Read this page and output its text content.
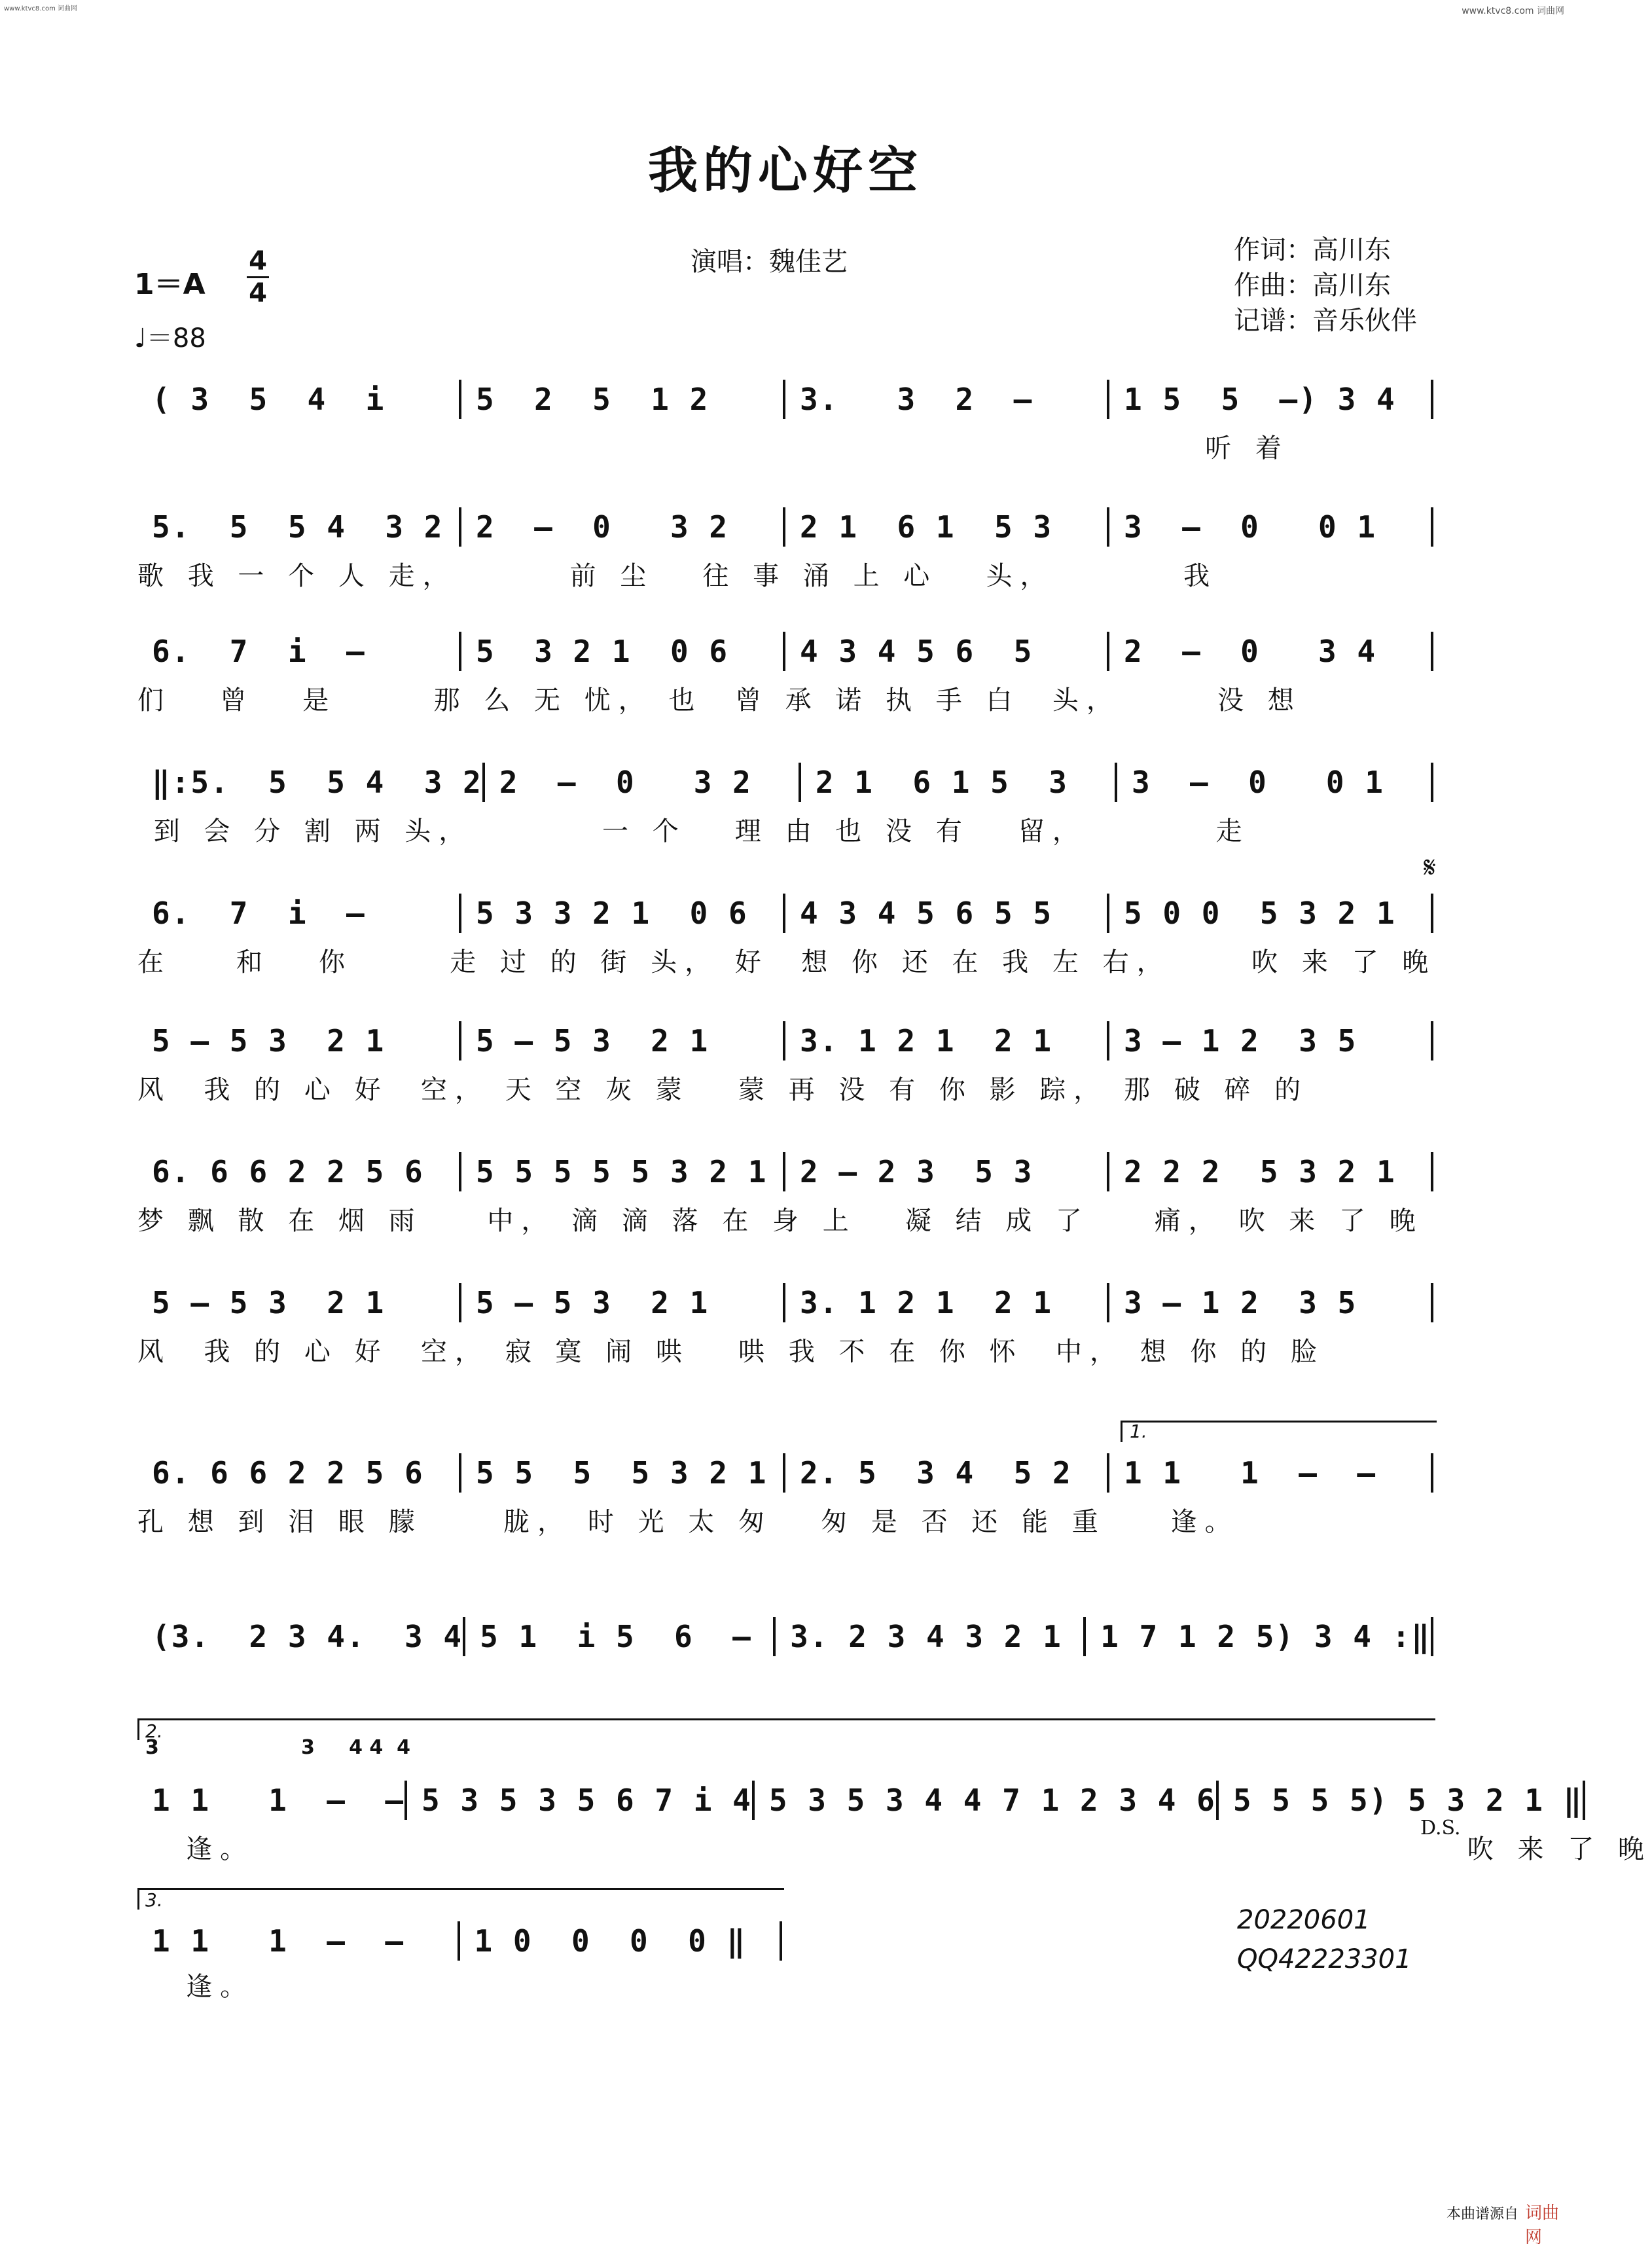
www.ktvc8.com 词曲网	www.ktvc8.com 词曲网
我的心好空
演唱：魏佳艺	作词：高川东
作曲：高川东
记谱：音乐伙伴
1＝A
4
4
♩＝88
( 3  5  4  i	5  2  5  1 2	3.   3  2  –	1 5  5  –) 3 4
听 着
5.  5  5 4  3 2	2  –  0   3 2	2 1  6 1  5 3	3  –  0   0 1
歌 我 一 个 人 走，       前 尘   往 事 涌 上 心   头，        我
6.  7  i  –	5  3 2 1  0 6	4 3 4 5 6  5	2  –  0   3 4
们   曾   是      那 么 无 忧， 也  曾 承 诺 执 手 白  头，      没 想
‖:5.  5  5 4  3 2 2  –  0   3 2	2 1  6 1 5  3	3  –  0   0 1
到 会 分 割 两 头，        一 个   理 由 也 没 有   留，        走
6.  7  i  –	5 3 3 2 1  0 6	4 3 4 5 6 5 5	5 0 0  5 3 2 1
在    和   你      走 过 的 街 头， 好  想 你 还 在 我 左 右，     吹 来 了 晚
5 – 5 3  2 1	5 – 5 3  2 1	3. 1 2 1  2 1	3 – 1 2  3 5
风  我 的 心 好  空， 天 空 灰 蒙   蒙 再 没 有 你 影 踪， 那 破 碎 的
6. 6 6 2 2 5 6	5 5 5 5 5 3 2 1	2 – 2 3  5 3	2 2 2  5 3 2 1
梦 飘 散 在 烟 雨    中， 滴 滴 落 在 身 上   凝 结 成 了    痛， 吹 来 了 晚
5 – 5 3  2 1	5 – 5 3  2 1	3. 1 2 1  2 1	3 – 1 2  3 5
风  我 的 心 好  空， 寂 寞 闹 哄   哄 我 不 在 你 怀  中， 想 你 的 脸
6. 6 6 2 2 5 6	5 5  5  5 3 2 1	2. 5  3 4  5 2	1 1   1  –  –
孔 想 到 泪 眼 朦     胧， 时 光 太 匆   匆 是 否 还 能 重    逢。
(3.  2 3 4.  3 4 5 1  i 5  6  –	3. 2 3 4 3 2 1	1 7 1 2 5) 3 4 :‖
1 1   1  –  – 5 3 5 3 5 6 7 i 4 5 3 5 3 4 4 7 1 2 3 4 6 5 5 5 5) 5 3 2 1 ‖
逢。                                                                           吹 来 了 晚
1 1   1  –  –	1 0  0  0  0 ‖
逢。
1.
2.
3	3     4 4  4
3.
𝄋
D.S.
20220601
QQ42223301
本曲谱源自 词曲网
